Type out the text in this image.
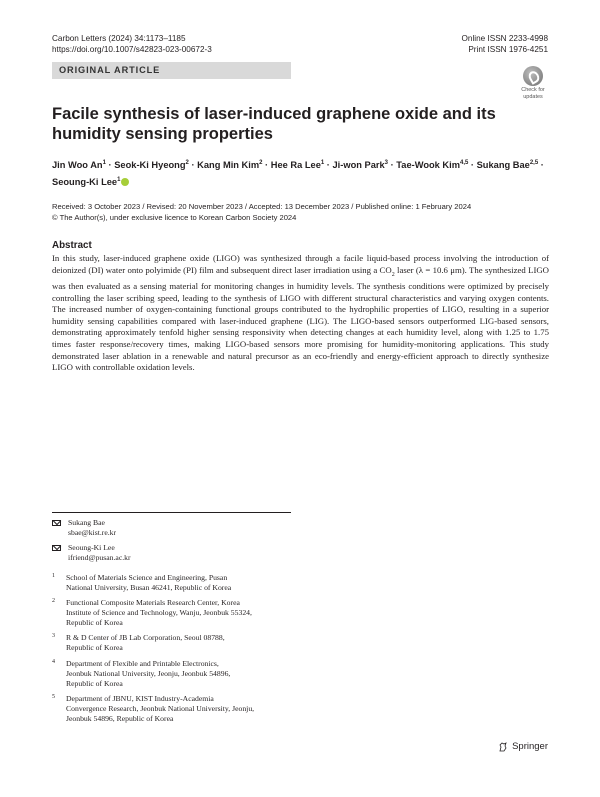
Carbon Letters (2024) 34:1173–1185
https://doi.org/10.1007/s42823-023-00672-3
Online ISSN 2233-4998
Print ISSN 1976-4251
ORIGINAL ARTICLE
Check for
updates
Facile synthesis of laser-induced graphene oxide and its humidity sensing properties
Jin Woo $An^1$ · Seok-Ki Hyeong$^2$ · Kang Min Kim$^2$ · Hee Ra Lee$^1$ · Ji-won Park$^3$ · Tae-Wook Kim$^{4,5}$ · Sukang Bae$^{2,5}$ · Seoung-Ki Lee$^1$
Received: 3 October 2023 / Revised: 20 November 2023 / Accepted: 13 December 2023 / Published online: 1 February 2024
© The Author(s), under exclusive licence to Korean Carbon Society 2024
Abstract
In this study, laser-induced graphene oxide (LIGO) was synthesized through a facile liquid-based process involving the introduction of deionized (DI) water onto polyimide (PI) film and subsequent direct laser irradiation using a $CO_2$ laser (λ = 10.6 μm). The synthesized LIGO was then evaluated as a sensing material for monitoring changes in humidity levels. The synthesis conditions were optimized by precisely controlling the laser scribing speed, leading to the synthesis of LIGO with different structural characteristics and varying oxygen contents. The increased number of oxygen-containing functional groups contributed to the hydrophilic properties of LIGO, resulting in a superior humidity sensing capabilities compared with laser-induced graphene (LIG). The LIGO-based sensors outperformed LIG-based sensors, demonstrating approximately tenfold higher sensing responsivity when detecting changes at each humidity level, along with 1.25 to 1.75 times faster response/recovery times, making LIGO-based sensors more promising for humidity-monitoring applications. This study demonstrated laser ablation in a renewable and natural precursor as an eco-friendly and energy-efficient approach to directly synthesize LIGO with controllable oxidation levels.
Sukang Bae
sbae@kist.re.kr
Seoung-Ki Lee
ifriend@pusan.ac.kr
1 School of Materials Science and Engineering, Pusan
National University, Busan 46241, Republic of Korea
2 Functional Composite Materials Research Center, Korea
Institute of Science and Technology, Wanju, Jeonbuk 55324,
Republic of Korea
3 R & D Center of JB Lab Corporation, Seoul 08788,
Republic of Korea
4 Department of Flexible and Printable Electronics,
Jeonbuk National University, Jeonju, Jeonbuk 54896,
Republic of Korea
5 Department of JBNU, KIST Industry-Academia
Convergence Research, Jeonbuk National University, Jeonju,
Jeonbuk 54896, Republic of Korea
Springer
